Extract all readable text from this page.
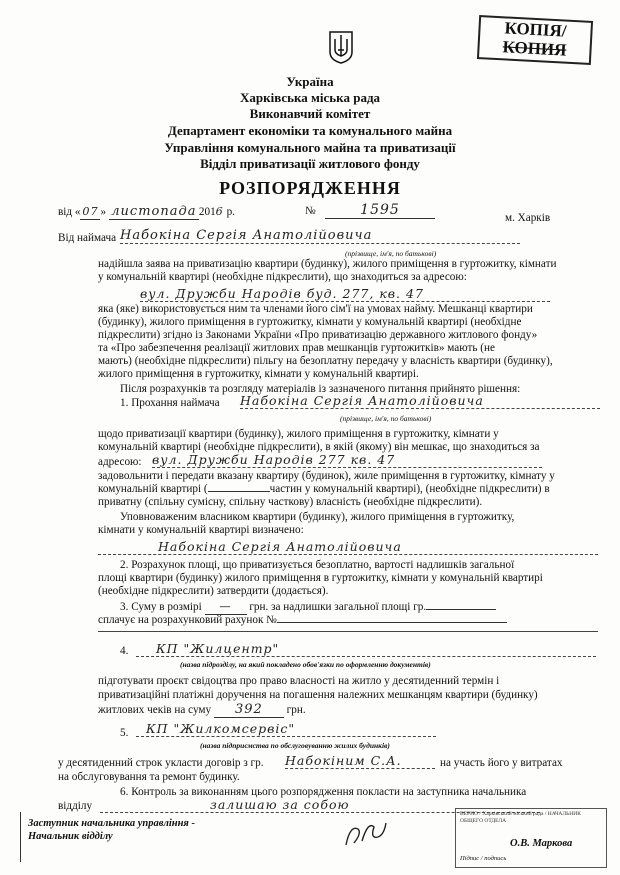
КОПІЯ/
КОПИЯ
Україна
Харківська міська рада
Виконавчий комітет
Департамент економіки та комунального майна
Управління комунального майна та приватизації
Відділ приватизації житлового фонду
РОЗПОРЯДЖЕННЯ
від « 07 » листопада 2016 р.	№	1595	м. Харків
Від наймача Набокіна Сергія Анатолійовича
(прізвище, ім'я, по батькові)
надійшла заява на приватизацію квартири (будинку), жилого приміщення в гуртожитку, кімнати
у комунальній квартирі (необхідне підкреслити), що знаходиться за адресою:
вул. Дружби Народів буд. 277, кв. 47
яка (яке) використовується ним та членами його сім'ї на умовах найму. Мешканці квартири
(будинку), жилого приміщення в гуртожитку, кімнати у комунальній квартирі (необхідне
підкреслити) згідно із Законами України «Про приватизацію державного житлового фонду»
та «Про забезпечення реалізації житлових прав мешканців гуртожитків» мають (не
мають) (необхідне підкреслити) пільгу на безоплатну передачу у власність квартири (будинку),
жилого приміщення в гуртожитку, кімнати у комунальній квартирі.
Після розрахунків та розгляду матеріалів із зазначеного питання прийнято рішення:
1. Прохання наймача Набокіна Сергія Анатолійовича
(прізвище, ім'я, по батькові)
щодо приватизації квартири (будинку), жилого приміщення в гуртожитку, кімнати у
комунальній квартирі (необхідне підкреслити), в якій (якому) він мешкає, що знаходиться за
адресою: вул. Дружби Народів 277 кв. 47
задовольнити і передати вказану квартиру (будинок), жиле приміщення в гуртожитку, кімнату у
комунальній квартирі (	частин у комунальній квартирі), (необхідне підкреслити) в
приватну (спільну сумісну, спільну часткову) власність (необхідне підкреслити).
Уповноваженим власником квартири (будинку), жилого приміщення в гуртожитку,
кімнати у комунальній квартирі визначено:
Набокіна Сергія Анатолійовича
2. Розрахунок площі, що приватизується безоплатно, вартості надлишків загальної
площі квартири (будинку) жилого приміщення в гуртожитку, кімнати у комунальній квартирі
(необхідне підкреслити) затвердити (додається).
3. Суму в розмірі — грн. за надлишки загальної площі гр.
сплачує на розрахунковий рахунок №
4.	КП "Жилцентр"
(назва підрозділу, на який покладено обов'язки по оформленню документів)
підготувати проєкт свідоцтва про право власності на житло у десятиденний термін і
приватизаційні платіжні доручення на погашення належних мешканцям квартири (будинку)
житлових чеків на суму 392 грн.
5.	КП "Жилкомсервіс"
(назва підприємства по обслуговуванню жилих будинків)
у десятиденний строк укласти договір з гр. Набокіним С.А.	на участь його у витратах
на обслуговування та ремонт будинку.
6. Контроль за виконанням цього розпорядження покласти на заступника начальника
відділу	залишаю за собою
Заступник начальника управління -
Начальник відділу
ВЕРНО / Харківський міський рада / НАЧАЛЬНИК ОБЩЕГО ОТДЕЛА
О.В. Маркова
Підпис / подпись
